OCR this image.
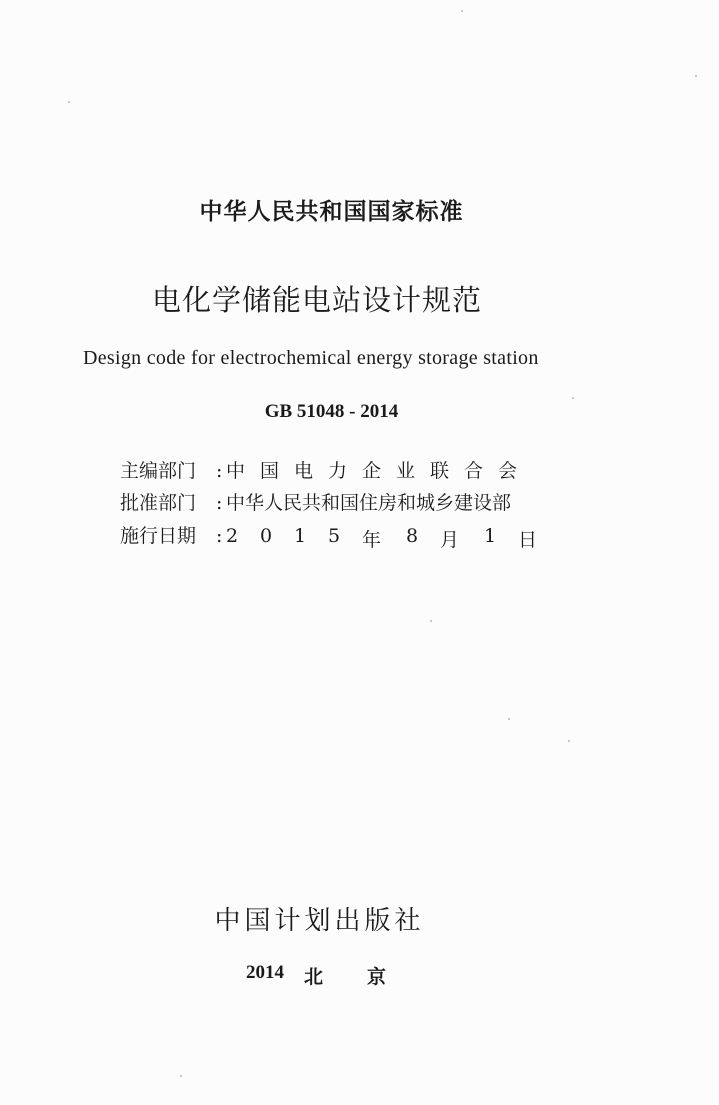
中华人民共和国国家标准
电化学储能电站设计规范
Design code for electrochemical energy storage station
GB 51048 - 2014
主编部门	: 中 国 电 力 企 业 联 合 会
批准部门	: 中华人民共和国住房和城乡建设部
施行日期	: 2	0	1	5	年	8	月	1	日
中国计划出版社
2014 北 京
